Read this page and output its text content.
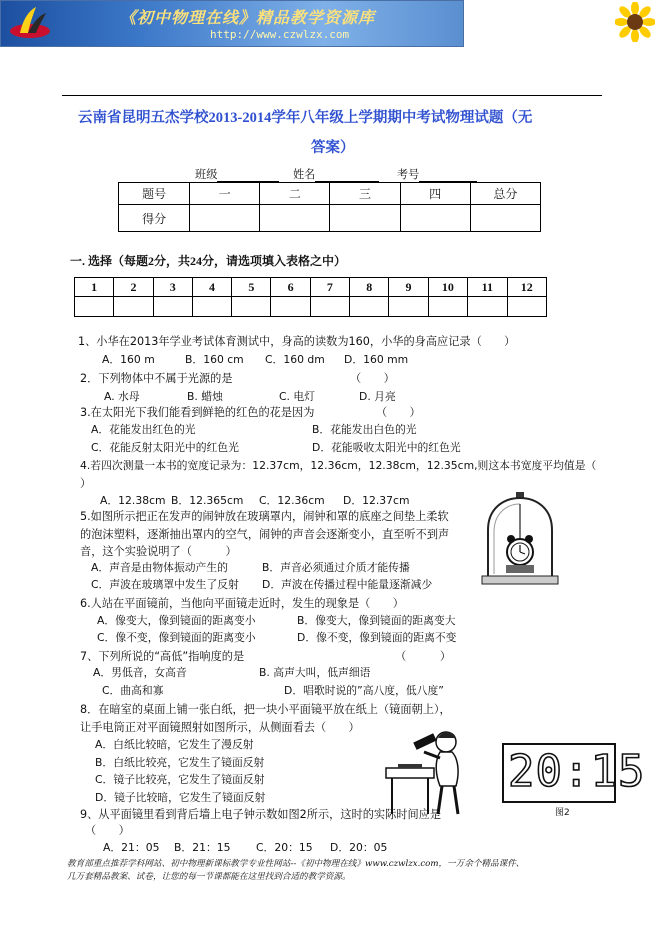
《初中物理在线》精品教学资源库
http://www.czwlzx.com
云南省昆明五杰学校2013-2014学年八年级上学期期中考试物理试题（无
答案）
班级	姓名	考号
题号	一	二	三	四	总分
得分					
一. 选择（每题2分，共24分，请选项填入表格之中）
1	2	3	4	5	6	7	8	9	10	11	12

1、小华在2013年学业考试体育测试中，身高的读数为160，小华的身高应记录（　　）
A．160 m	B．160 cm C．160 dm D．160 mm
2．下列物体中不属于光源的是　　　　　　　　　　　（　　）
A. 水母	B. 蜡烛	C. 电灯	D. 月亮
3.在太阳光下我们能看到鲜艳的红色的花是因为　　　　　　（　　）
A．花能发出红色的光	B．花能发出白色的光
C．花能反射太阳光中的红色光	D．花能吸收太阳光中的红色光
4.若四次测量一本书的宽度记录为：12.37cm，12.36cm，12.38cm，12.35cm,则这本书宽度平均值是（
）
A．12.38cm B．12.365cm C．12.36cm D．12.37cm
5.如图所示把正在发声的闹钟放在玻璃罩内，闹钟和罩的底座之间垫上柔软
的泡沫塑料，逐渐抽出罩内的空气，闹钟的声音会逐渐变小，直至听不到声
音，这个实验说明了（　　　）
A．声音是由物体振动产生的	B．声音必须通过介质才能传播
C．声波在玻璃罩中发生了反射 D．声波在传播过程中能量逐渐减少
6.人站在平面镜前，当他向平面镜走近时，发生的现象是（　　）
A．像变大，像到镜面的距离变小	B．像变大，像到镜面的距离变大
C．像不变，像到镜面的距离变小	D．像不变，像到镜面的距离不变
7、下列所说的“高低”指响度的是　　　　　　　　　　　　　　（　　　）
A．男低音，女高音	B. 高声大叫，低声细语
C．曲高和寡	D．唱歌时说的”高八度，低八度”
8．在暗室的桌面上铺一张白纸，把一块小平面镜平放在纸上（镜面朝上），
让手电筒正对平面镜照射如图所示，从侧面看去（　　）
A．白纸比较暗，它发生了漫反射
B．白纸比较亮，它发生了镜面反射
C．镜子比较亮，它发生了镜面反射
D．镜子比较暗，它发生了镜面反射
20:15
图2
9、从平面镜里看到背后墙上电子钟示数如图2所示，这时的实际时间应是
（　　）
A．21：05 B．21：15 C．20：15 D．20：05
教育部重点推荐学科网站、初中物理新课标教学专业性网站--《初中物理在线》www.czwlzx.com，一万余个精品课件、
几万套精品教案、试卷，让您的每一节课都能在这里找到合适的教学资源。
